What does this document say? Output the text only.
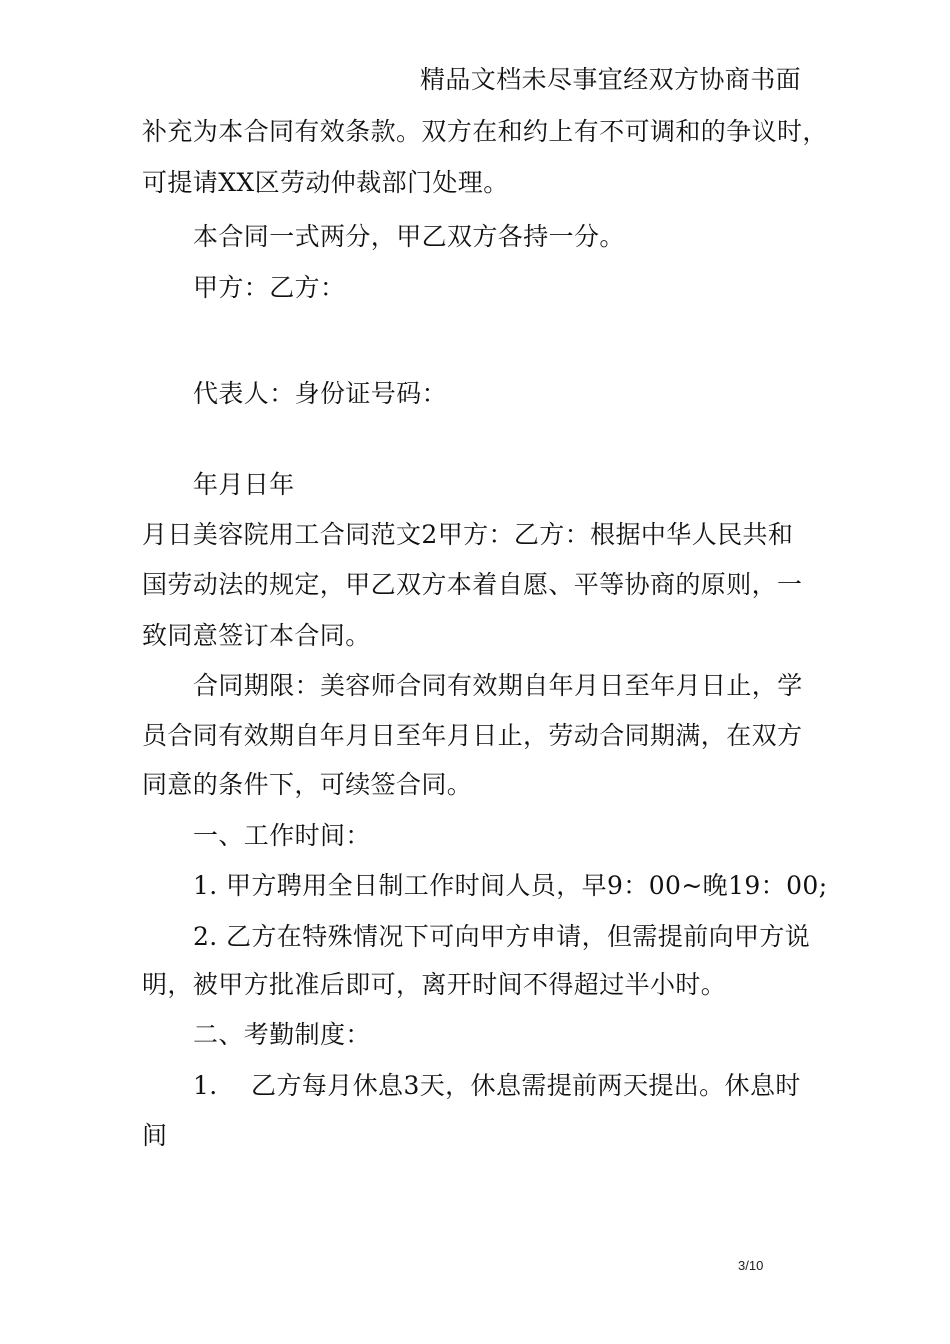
精品文档未尽事宜经双方协商书面
补充为本合同有效条款。双方在和约上有不可调和的争议时，
可提请XX区劳动仲裁部门处理。
本合同一式两分，甲乙双方各持一分。
甲方：乙方：
代表人：身份证号码：
年月日年
月日美容院用工合同范文2甲方：乙方：根据中华人民共和
国劳动法的规定，甲乙双方本着自愿、平等协商的原则，一
致同意签订本合同。
合同期限：美容师合同有效期自年月日至年月日止，学
员合同有效期自年月日至年月日止，劳动合同期满，在双方
同意的条件下，可续签合同。
一、工作时间：
1. 甲方聘用全日制工作时间人员，早9：00~晚19：00;
2. 乙方在特殊情况下可向甲方申请，但需提前向甲方说
明，被甲方批准后即可，离开时间不得超过半小时。
二、考勤制度：
1.    乙方每月休息3天，休息需提前两天提出。休息时
间
3/10
